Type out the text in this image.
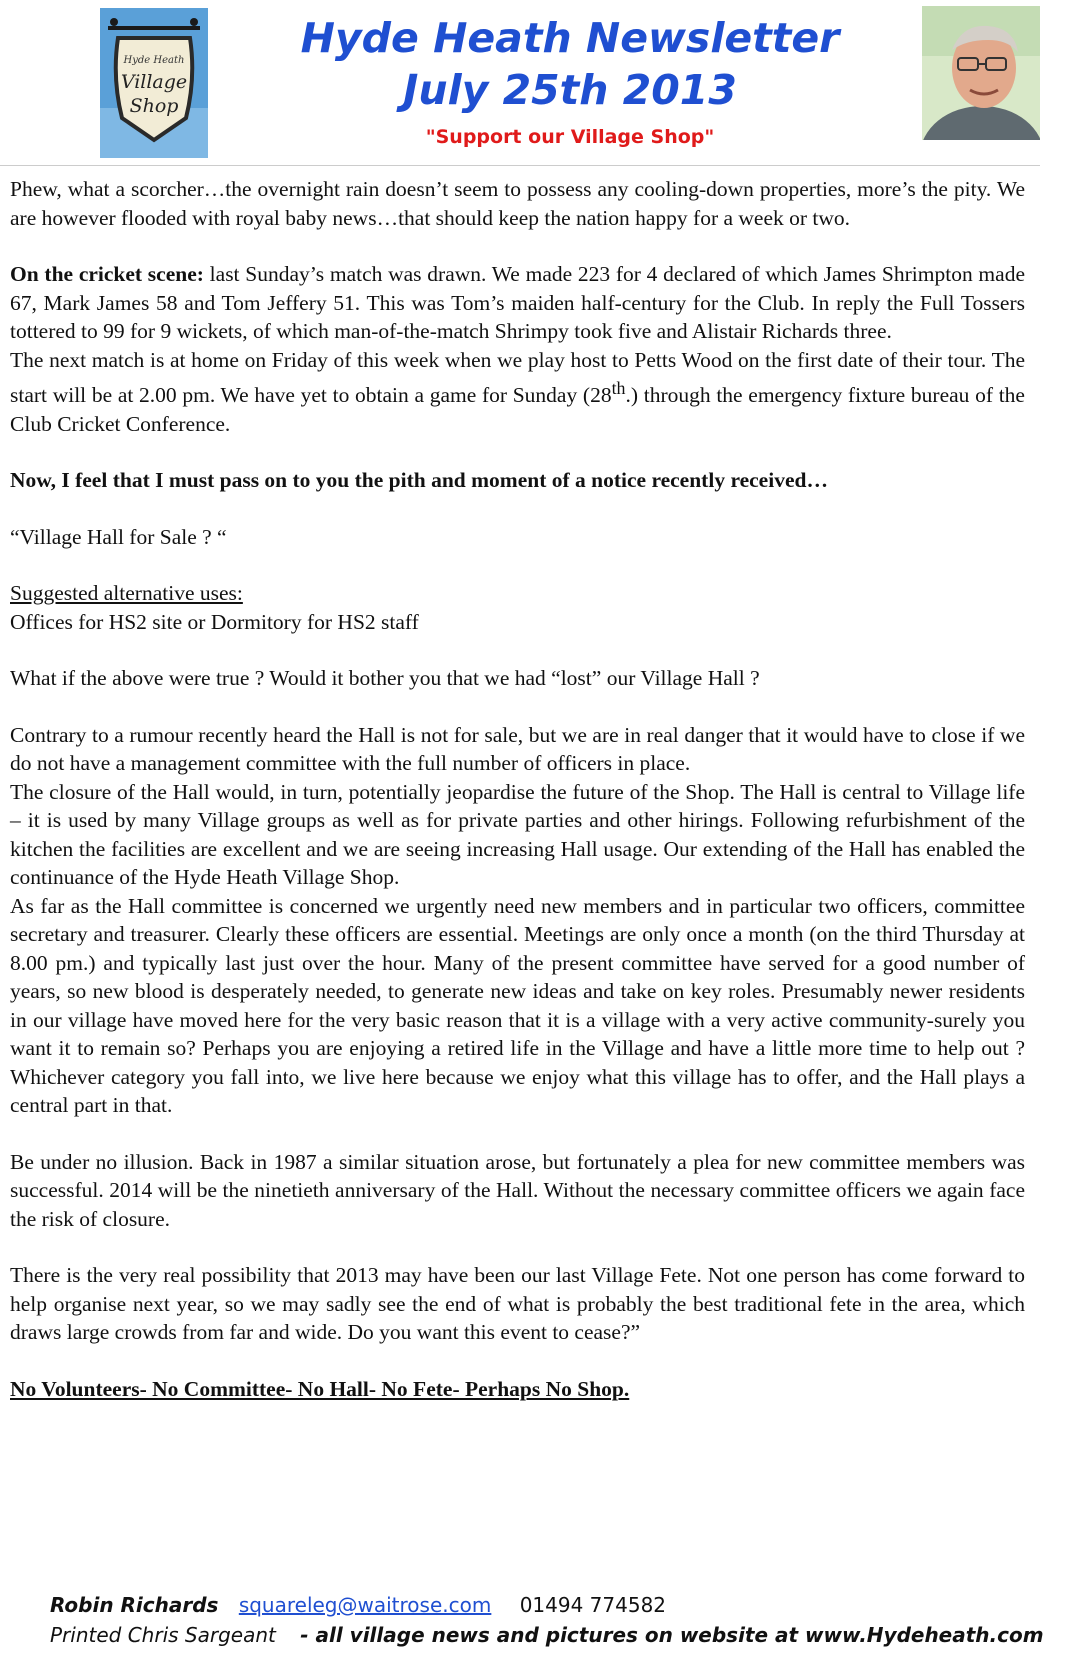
Hyde Heath
Village
Shop
Hyde Heath Newsletter
July 25th 2013
"Support our Village Shop"

Phew, what a scorcher…the overnight rain doesn’t seem to possess any cooling-down properties, more’s the pity. We are however flooded with royal baby news…that should keep the nation happy for a week or two.

On the cricket scene: last Sunday’s match was drawn. We made 223 for 4 declared of which James Shrimpton made 67, Mark James 58 and Tom Jeffery 51. This was Tom’s maiden half-century for the Club. In reply the Full Tossers tottered to 99 for 9 wickets, of which man-of-the-match Shrimpy took five and Alistair Richards three.

The next match is at home on Friday of this week when we play host to Petts Wood on the first date of their tour. The start will be at 2.00 pm. We have yet to obtain a game for Sunday (28th.) through the emergency fixture bureau of the Club Cricket Conference.

Now, I feel that I must pass on to you the pith and moment of a notice recently received…

“Village Hall for Sale ? “

Suggested alternative uses:
Offices for HS2 site or Dormitory for HS2 staff

What if the above were true ? Would it bother you that we had “lost” our Village Hall ?

Contrary to a rumour recently heard the Hall is not for sale, but we are in real danger that it would have to close if we do not have a management committee with the full number of officers in place.

The closure of the Hall would, in turn, potentially jeopardise the future of the Shop. The Hall is central to Village life – it is used by many Village groups as well as for private parties and other hirings. Following refurbishment of the kitchen the facilities are excellent and we are seeing increasing Hall usage. Our extending of the Hall has enabled the continuance of the Hyde Heath Village Shop.

As far as the Hall committee is concerned we urgently need new members and in particular two officers, committee secretary and treasurer. Clearly these officers are essential. Meetings are only once a month (on the third Thursday at 8.00 pm.) and typically last just over the hour. Many of the present committee have served for a good number of years, so new blood is desperately needed, to generate new ideas and take on key roles. Presumably newer residents in our village have moved here for the very basic reason that it is a village with a very active community-surely you want it to remain so? Perhaps you are enjoying a retired life in the Village and have a little more time to help out ? Whichever category you fall into, we live here because we enjoy what this village has to offer, and the Hall plays a central part in that.

Be under no illusion. Back in 1987 a similar situation arose, but fortunately a plea for new committee members was successful. 2014 will be the ninetieth anniversary of the Hall. Without the necessary committee officers we again face the risk of closure.

There is the very real possibility that 2013 may have been our last Village Fete. Not one person has come forward to help organise next year, so we may sadly see the end of what is probably the best traditional fete in the area, which draws large crowds from far and wide. Do you want this event to cease?”

No Volunteers- No Committee- No Hall- No Fete- Perhaps No Shop.

Robin Richards squareleg@waitrose.com 01494 774582
Printed Chris Sargeant - all village news and pictures on website at www.Hydeheath.com
